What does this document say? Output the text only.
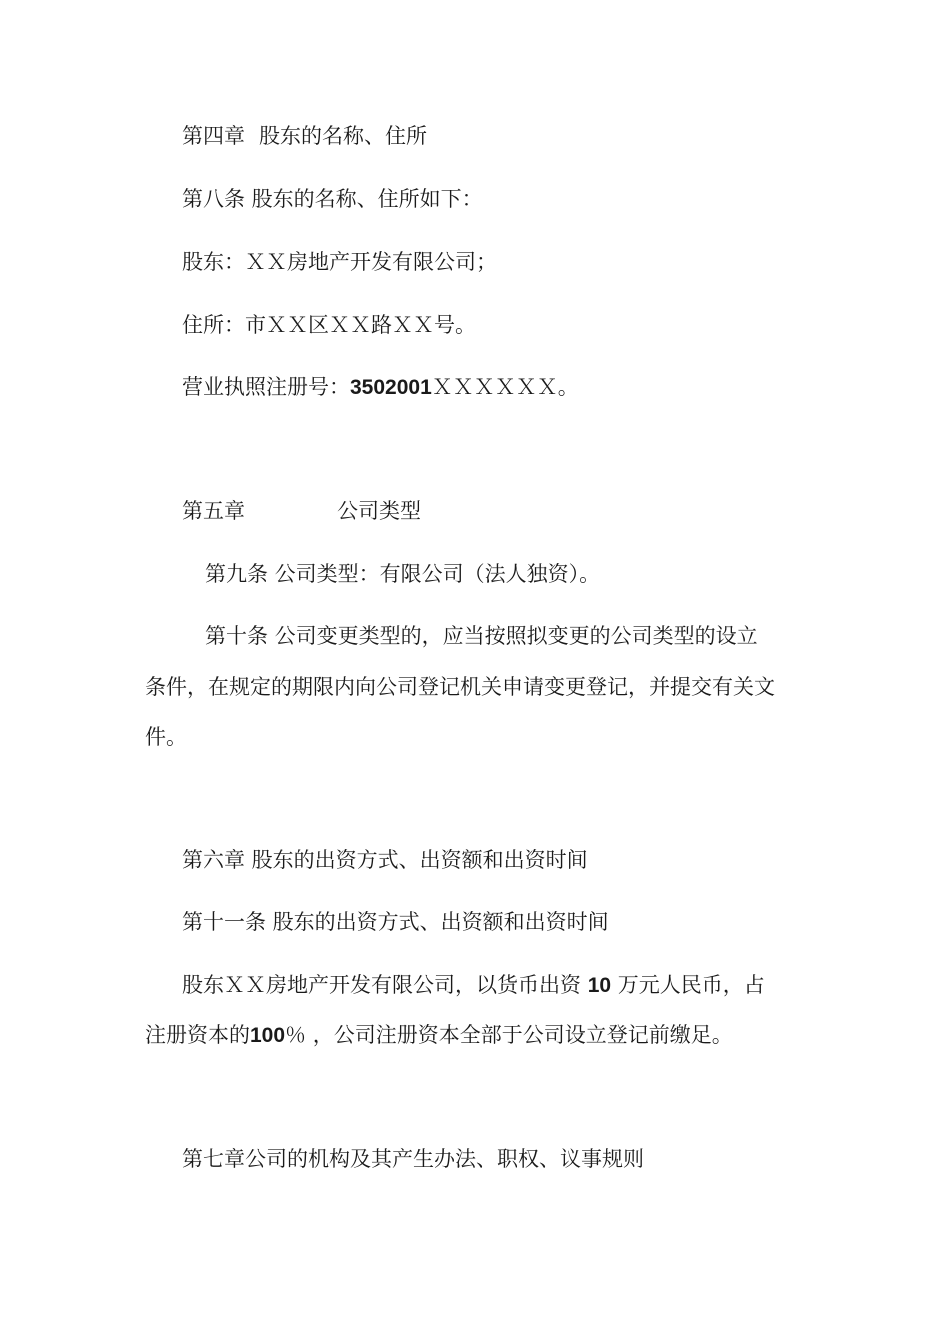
第四章 股东的名称、住所

第八条 股东的名称、住所如下：

股东：ＸＸ房地产开发有限公司；

住所：市ＸＸ区ＸＸ路ＸＸ号。

营业执照注册号：3502001ＸＸＸＸＸＸ。

第五章	公司类型

第九条 公司类型：有限公司（法人独资）。

第十条 公司变更类型的，应当按照拟变更的公司类型的设立

条件，在规定的期限内向公司登记机关申请变更登记，并提交有关文

件。

第六章 股东的出资方式、出资额和出资时间

第十一条 股东的出资方式、出资额和出资时间

股东ＸＸ房地产开发有限公司，以货币出资 10 万元人民币，占

注册资本的100％ ，公司注册资本全部于公司设立登记前缴足。

第七章公司的机构及其产生办法、职权、议事规则
